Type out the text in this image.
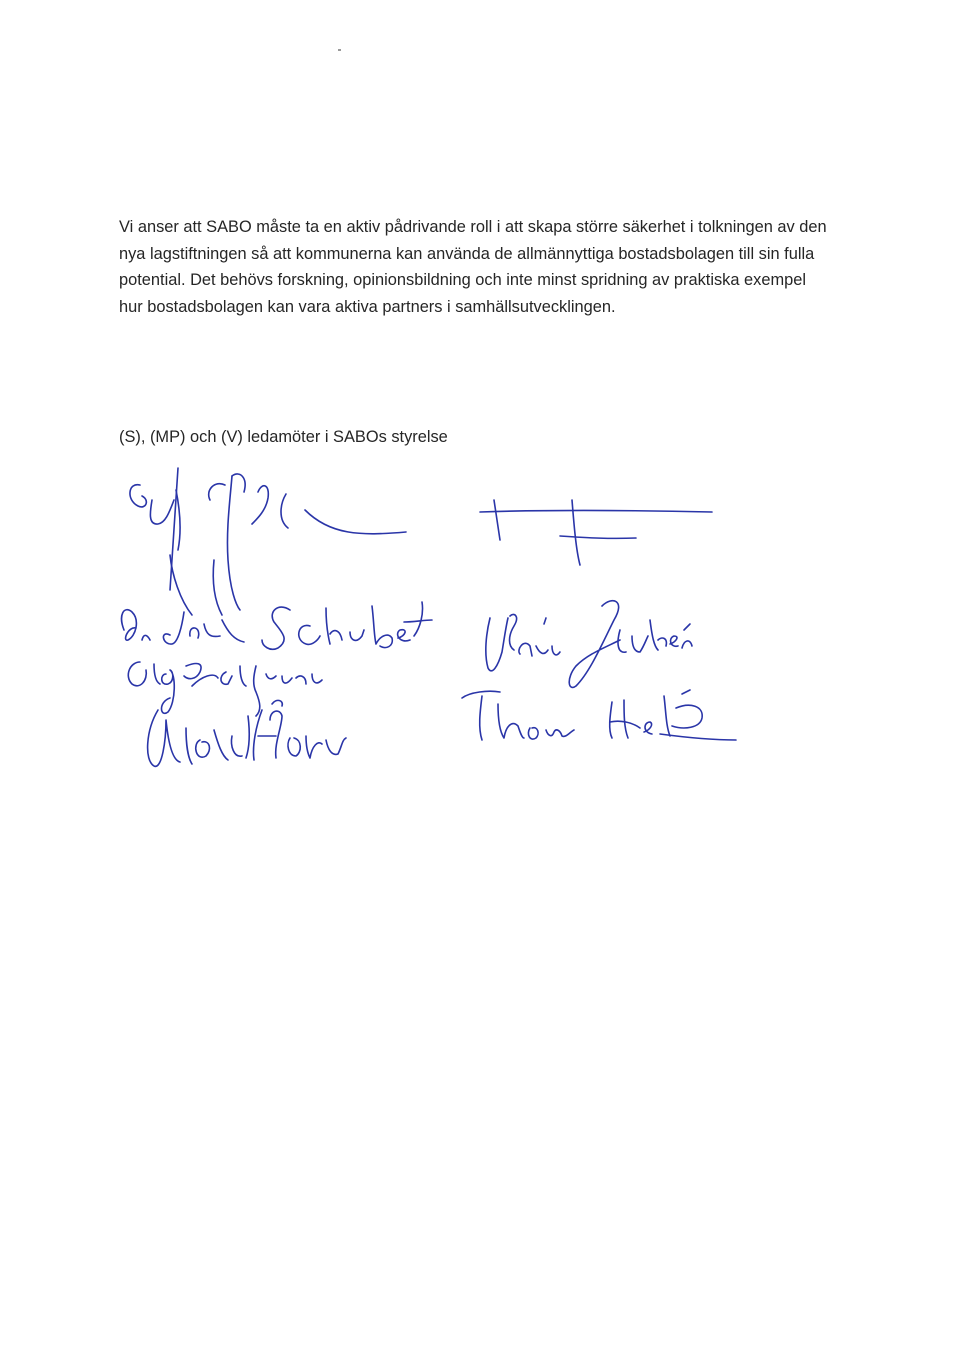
Vi anser att SABO måste ta en aktiv pådrivande roll i att skapa större säkerhet i tolkningen av den
nya lagstiftningen så att kommunerna kan använda de allmännyttiga bostadsbolagen till sin fulla
potential. Det behövs forskning, opinionsbildning och inte minst spridning av praktiska exempel
hur bostadsbolagen kan vara aktiva partners i samhällsutvecklingen.

(S), (MP) och (V) ledamöter i SABOs styrelse
